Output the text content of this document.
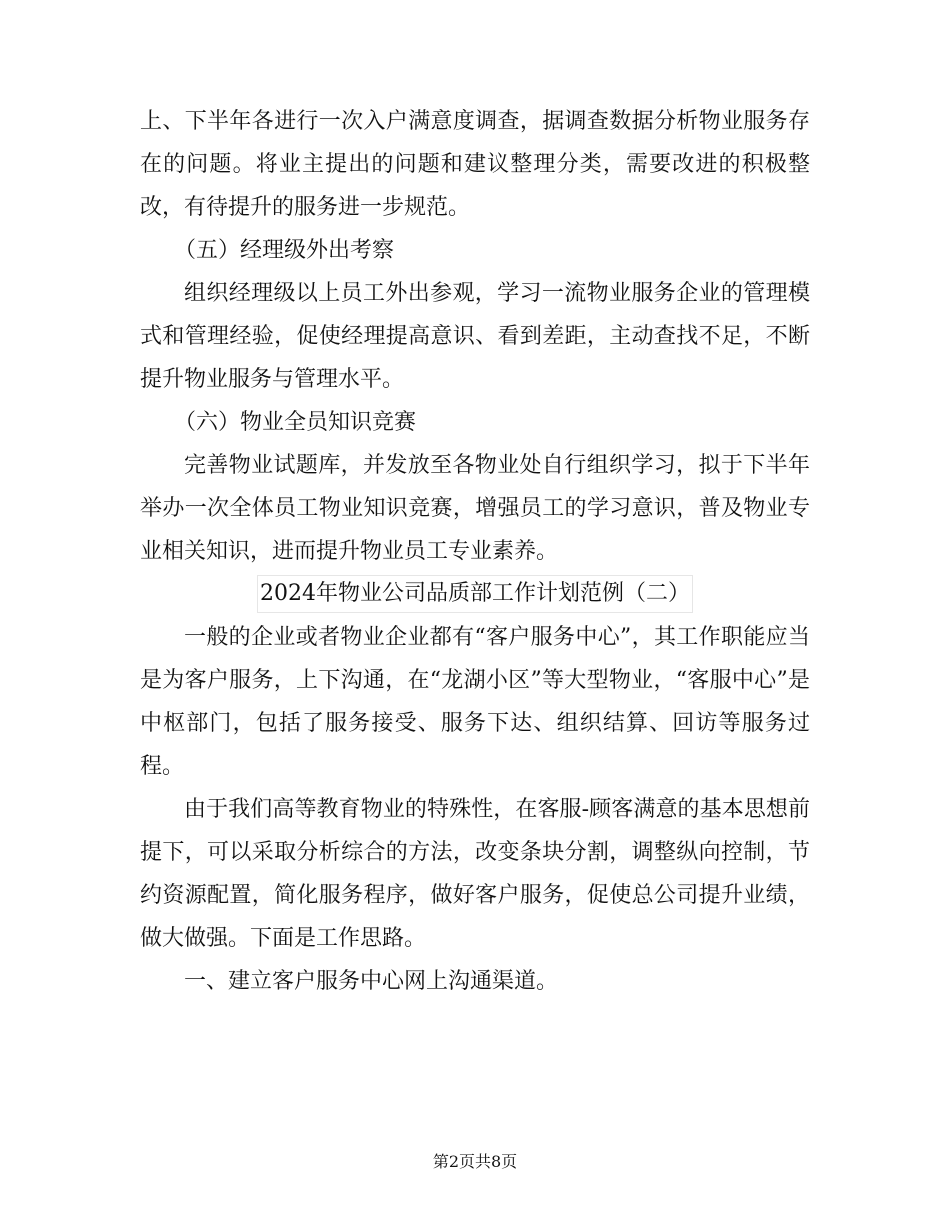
上、下半年各进行一次入户满意度调查，据调查数据分析物业服务存在的问题。将业主提出的问题和建议整理分类，需要改进的积极整改，有待提升的服务进一步规范。

（五）经理级外出考察

组织经理级以上员工外出参观，学习一流物业服务企业的管理模式和管理经验，促使经理提高意识、看到差距，主动查找不足，不断提升物业服务与管理水平。

（六）物业全员知识竞赛

完善物业试题库，并发放至各物业处自行组织学习，拟于下半年举办一次全体员工物业知识竞赛，增强员工的学习意识，普及物业专业相关知识，进而提升物业员工专业素养。

2024年物业公司品质部工作计划范例（二）

一般的企业或者物业企业都有“客户服务中心”，其工作职能应当是为客户服务，上下沟通，在“龙湖小区”等大型物业，“客服中心”是中枢部门，包括了服务接受、服务下达、组织结算、回访等服务过程。

由于我们高等教育物业的特殊性，在客服-顾客满意的基本思想前提下，可以采取分析综合的方法，改变条块分割，调整纵向控制，节约资源配置，简化服务程序，做好客户服务，促使总公司提升业绩，做大做强。下面是工作思路。

一、建立客户服务中心网上沟通渠道。

第2页共8页
